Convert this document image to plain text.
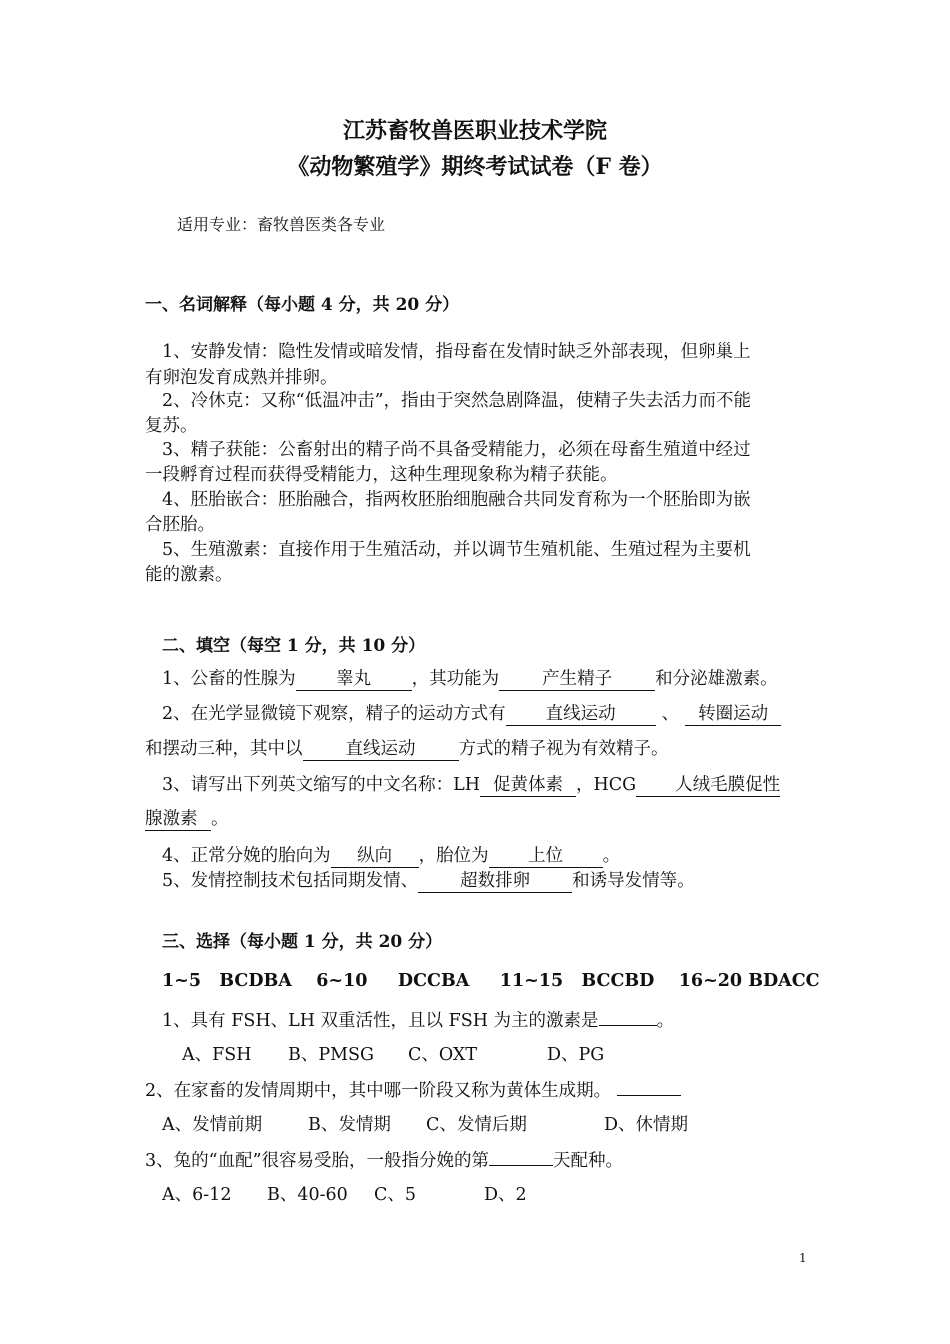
江苏畜牧兽医职业技术学院
《动物繁殖学》期终考试试卷（F 卷）
适用专业：畜牧兽医类各专业
一、名词解释（每小题 4 分，共 20 分）
1、安静发情：隐性发情或暗发情，指母畜在发情时缺乏外部表现，但卵巢上
有卵泡发育成熟并排卵。
2、冷休克：又称“低温冲击”，指由于突然急剧降温，使精子失去活力而不能
复苏。
3、精子获能：公畜射出的精子尚不具备受精能力，必须在母畜生殖道中经过
一段孵育过程而获得受精能力，这种生理现象称为精子获能。
4、胚胎嵌合：胚胎融合，指两枚胚胎细胞融合共同发育称为一个胚胎即为嵌
合胚胎。
5、生殖激素：直接作用于生殖活动，并以调节生殖机能、生殖过程为主要机
能的激素。
二、填空（每空 1 分，共 10 分）
1、公畜的性腺为 睾丸 ，其功能为 产生精子 和分泌雄激素。
2、在光学显微镜下观察，精子的运动方式有 直线运动	、 转圈运动
和摆动三种，其中以 直线运动 方式的精子视为有效精子。
3、请写出下列英文缩写的中文名称：LH 促黄体素 ，HCG 人绒毛膜促性
腺激素 。
4、正常分娩的胎向为 纵向 ，胎位为 上位 。
5、发情控制技术包括同期发情、 超数排卵 和诱导发情等。
三、选择（每小题 1 分，共 20 分）
1~5   BCDBA    6~10     DCCBA     11~15   BCCBD    16~20 BDACC
1、具有 FSH、LH 双重活性，且以 FSH 为主的激素是	。
A、FSH B、PMSG C、OXT	D、PG
2、在家畜的发情周期中，其中哪一阶段又称为黄体生成期。
A、发情前期	B、发情期 C、发情后期	D、休情期
3、兔的“血配”很容易受胎，一般指分娩的第	天配种。
A、6-12 B、40-60 C、5	D、2
1
